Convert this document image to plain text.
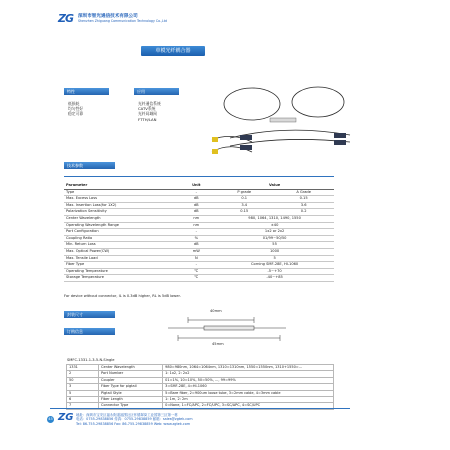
ZG 深圳市智光通信技术有限公司
Shenzhen Zhiguang Communication Technology Co.,Ltd
单模光纤耦合器
特性	应用
低损耗
均匀性好
稳定可靠
光纤通信系统
CATV系统
光纤局域网
FTTH/LAN
技术参数
Parameter	Unit	Value	
Type	-	P grade	A Grade
Max. Excess Loss	dB	0.1	0.15
Max. Insertion Loss(for 1X2)	dB	3.4	3.6
Polarization Sensitivity	dB	0.15	0.2
Center Wavelength	nm	980, 1064, 1310, 1490, 1550	
Operating Wavelength Range	nm	±40	
Port Configuration	-	1x2 or 2x2	
Coupling Ratio	%	01/99~50/50	
Min. Return Loss	dB	55	
Max. Optical Power(CW)	mW	1000	
Max. Tensile Load	N	5	
Fiber Type	-	Corning SMF-28E, HI-1060	
Operating Temperature	℃	-5~+70	
Storage Temperature	℃	-40~+85	
For device without connector, IL is 0.3dB higher, RL is 5dB lower.
封装尺寸
40mm
45mm
订购信息
SMFC-1331-1-3-5-N-Single
1331	Center Wavelength	980=980nm, 1064=1064nm, 1310=1310nm, 1550=1550nm, 1310+1550=...
2	Port Number	1: 1x2, 2: 2x2
50	Coupler	01=1%, 10=10%, 50=50%, ..., 99=99%
3	Fiber Type for pigtail	3=SMF-28E, 4=HI-1060
5	Pigtail Style	5=Bare fiber, 2=900um loose tube, 3=2mm cable, 4=3mm cable
6	Fiber Length	1: 1m, 2: 2m
7	Connector Type	0=None, 1=FC/APC, 2=FC/UPC, 3=SC/APC, 4=SC/UPC
45 ZG 地址：深圳市宝安区福永街道福围社区怀德翠岗工业园第三区第一栋
电话：0755-29838856 传真：0755-29838859 邮箱：sales@zgtek.com
Tel: 86-755-29838856 Fax: 86-755-29838859 Web: www.zgtek.com
